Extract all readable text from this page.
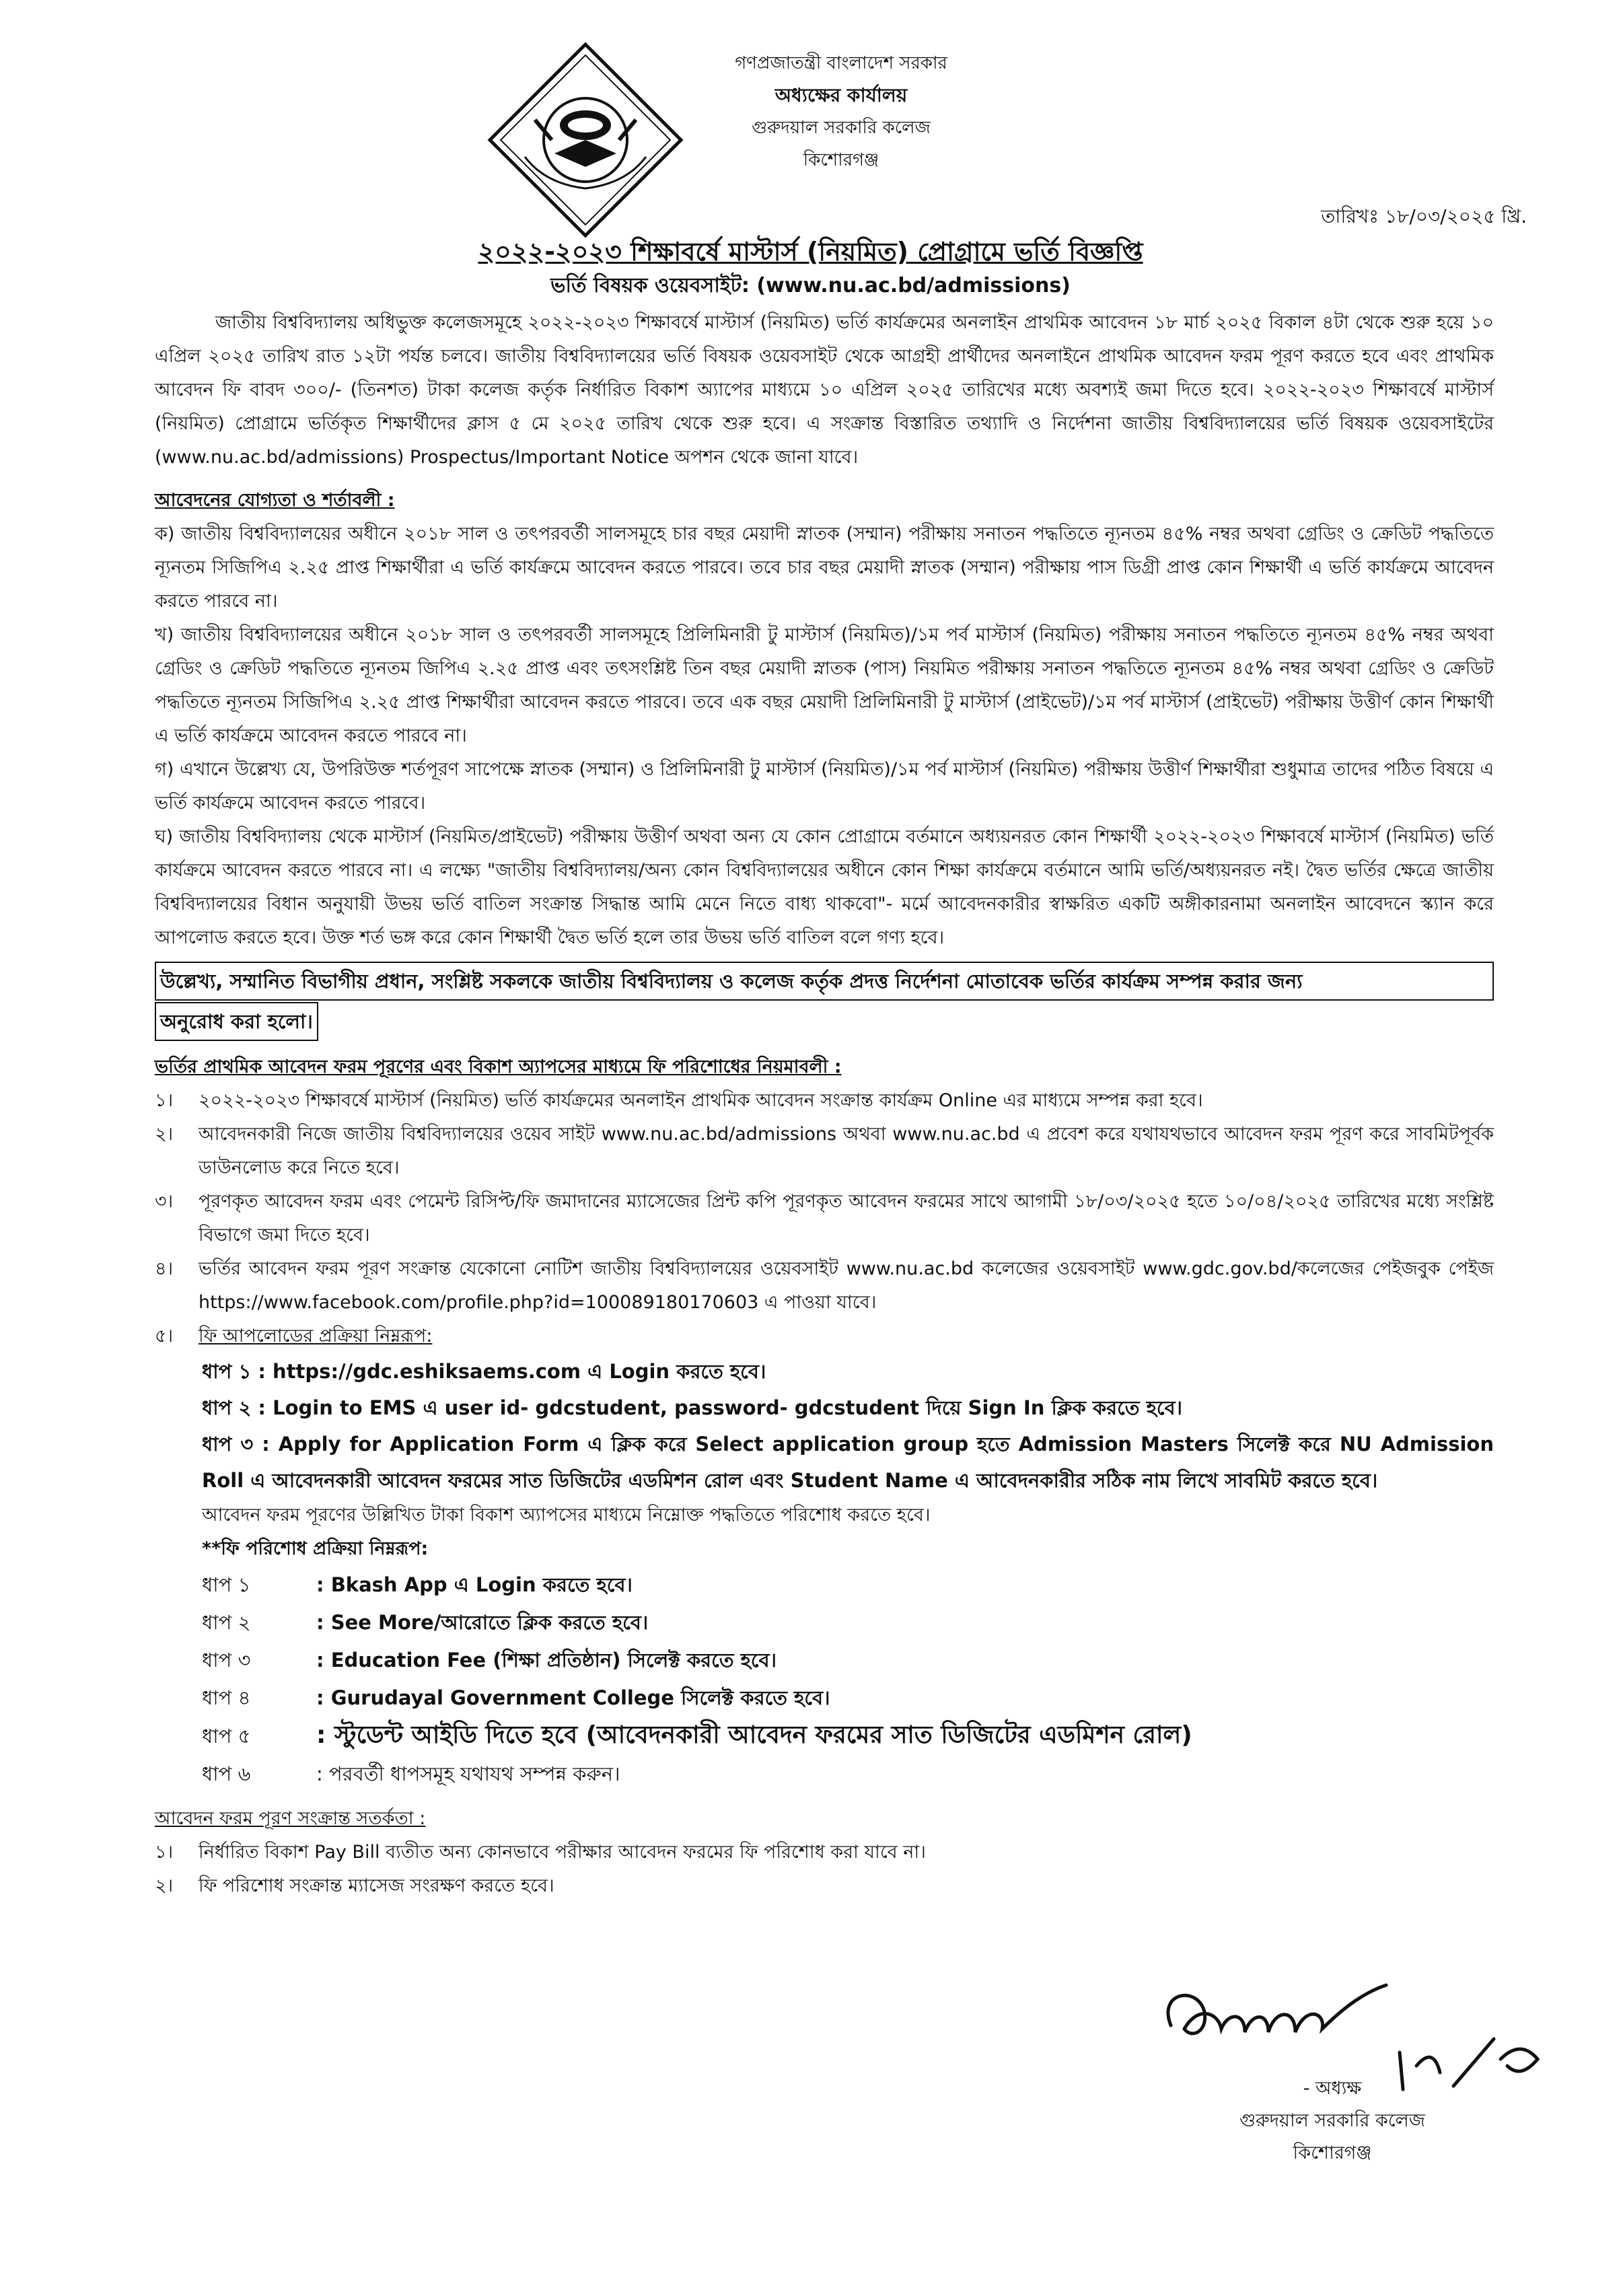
গণপ্রজাতন্ত্রী বাংলাদেশ সরকার
অধ্যক্ষের কার্যালয়
গুরুদয়াল সরকারি কলেজ
কিশোরগঞ্জ
তারিখঃ ১৮/০৩/২০২৫ খ্রি.
২০২২-২০২৩ শিক্ষাবর্ষে মাস্টার্স (নিয়মিত) প্রোগ্রামে ভর্তি বিজ্ঞপ্তি
ভর্তি বিষয়ক ওয়েবসাইট: (www.nu.ac.bd/admissions)

জাতীয় বিশ্ববিদ্যালয় অধিভুক্ত কলেজসমূহে ২০২২-২০২৩ শিক্ষাবর্ষে মাস্টার্স (নিয়মিত) ভর্তি কার্যক্রমের অনলাইন প্রাথমিক আবেদন ১৮ মার্চ ২০২৫ বিকাল ৪টা থেকে শুরু হয়ে ১০ এপ্রিল ২০২৫ তারিখ রাত ১২টা পর্যন্ত চলবে। জাতীয় বিশ্ববিদ্যালয়ের ভর্তি বিষয়ক ওয়েবসাইট থেকে আগ্রহী প্রার্থীদের অনলাইনে প্রাথমিক আবেদন ফরম পূরণ করতে হবে এবং প্রাথমিক আবেদন ফি বাবদ ৩০০/- (তিনশত) টাকা কলেজ কর্তৃক নির্ধারিত বিকাশ অ্যাপের মাধ্যমে ১০ এপ্রিল ২০২৫ তারিখের মধ্যে অবশ্যই জমা দিতে হবে। ২০২২-২০২৩ শিক্ষাবর্ষে মাস্টার্স (নিয়মিত) প্রোগ্রামে ভর্তিকৃত শিক্ষার্থীদের ক্লাস ৫ মে ২০২৫ তারিখ থেকে শুরু হবে। এ সংক্রান্ত বিস্তারিত তথ্যাদি ও নির্দেশনা জাতীয় বিশ্ববিদ্যালয়ের ভর্তি বিষয়ক ওয়েবসাইটের (www.nu.ac.bd/admissions) Prospectus/Important Notice অপশন থেকে জানা যাবে।

আবেদনের যোগ্যতা ও শর্তাবলী :

ক) জাতীয় বিশ্ববিদ্যালয়ের অধীনে ২০১৮ সাল ও তৎপরবর্তী সালসমূহে চার বছর মেয়াদী স্নাতক (সম্মান) পরীক্ষায় সনাতন পদ্ধতিতে ন্যূনতম ৪৫% নম্বর অথবা গ্রেডিং ও ক্রেডিট পদ্ধতিতে ন্যূনতম সিজিপিএ ২.২৫ প্রাপ্ত শিক্ষার্থীরা এ ভর্তি কার্যক্রমে আবেদন করতে পারবে। তবে চার বছর মেয়াদী স্নাতক (সম্মান) পরীক্ষায় পাস ডিগ্রী প্রাপ্ত কোন শিক্ষার্থী এ ভর্তি কার্যক্রমে আবেদন করতে পারবে না।

খ) জাতীয় বিশ্ববিদ্যালয়ের অধীনে ২০১৮ সাল ও তৎপরবর্তী সালসমূহে প্রিলিমিনারী টু মাস্টার্স (নিয়মিত)/১ম পর্ব মাস্টার্স (নিয়মিত) পরীক্ষায় সনাতন পদ্ধতিতে ন্যূনতম ৪৫% নম্বর অথবা গ্রেডিং ও ক্রেডিট পদ্ধতিতে ন্যূনতম জিপিএ ২.২৫ প্রাপ্ত এবং তৎসংশ্লিষ্ট তিন বছর মেয়াদী স্নাতক (পাস) নিয়মিত পরীক্ষায় সনাতন পদ্ধতিতে ন্যূনতম ৪৫% নম্বর অথবা গ্রেডিং ও ক্রেডিট পদ্ধতিতে ন্যূনতম সিজিপিএ ২.২৫ প্রাপ্ত শিক্ষার্থীরা আবেদন করতে পারবে। তবে এক বছর মেয়াদী প্রিলিমিনারী টু মাস্টার্স (প্রাইভেট)/১ম পর্ব মাস্টার্স (প্রাইভেট) পরীক্ষায় উত্তীর্ণ কোন শিক্ষার্থী এ ভর্তি কার্যক্রমে আবেদন করতে পারবে না।

গ) এখানে উল্লেখ্য যে, উপরিউক্ত শর্তপূরণ সাপেক্ষে স্নাতক (সম্মান) ও প্রিলিমিনারী টু মাস্টার্স (নিয়মিত)/১ম পর্ব মাস্টার্স (নিয়মিত) পরীক্ষায় উত্তীর্ণ শিক্ষার্থীরা শুধুমাত্র তাদের পঠিত বিষয়ে এ ভর্তি কার্যক্রমে আবেদন করতে পারবে।

ঘ) জাতীয় বিশ্ববিদ্যালয় থেকে মাস্টার্স (নিয়মিত/প্রাইভেট) পরীক্ষায় উত্তীর্ণ অথবা অন্য যে কোন প্রোগ্রামে বর্তমানে অধ্যয়নরত কোন শিক্ষার্থী ২০২২-২০২৩ শিক্ষাবর্ষে মাস্টার্স (নিয়মিত) ভর্তি কার্যক্রমে আবেদন করতে পারবে না। এ লক্ষ্যে "জাতীয় বিশ্ববিদ্যালয়/অন্য কোন বিশ্ববিদ্যালয়ের অধীনে কোন শিক্ষা কার্যক্রমে বর্তমানে আমি ভর্তি/অধ্যয়নরত নই। দ্বৈত ভর্তির ক্ষেত্রে জাতীয় বিশ্ববিদ্যালয়ের বিধান অনুযায়ী উভয় ভর্তি বাতিল সংক্রান্ত সিদ্ধান্ত আমি মেনে নিতে বাধ্য থাকবো"- মর্মে আবেদনকারীর স্বাক্ষরিত একটি অঙ্গীকারনামা অনলাইন আবেদনে স্ক্যান করে আপলোড করতে হবে। উক্ত শর্ত ভঙ্গ করে কোন শিক্ষার্থী দ্বৈত ভর্তি হলে তার উভয় ভর্তি বাতিল বলে গণ্য হবে।

উল্লেখ্য, সম্মানিত বিভাগীয় প্রধান, সংশ্লিষ্ট সকলকে জাতীয় বিশ্ববিদ্যালয় ও কলেজ কর্তৃক প্রদত্ত নির্দেশনা মোতাবেক ভর্তির কার্যক্রম সম্পন্ন করার জন্য
অনুরোধ করা হলো।

ভর্তির প্রাথমিক আবেদন ফরম পূরণের এবং বিকাশ অ্যাপসের মাধ্যমে ফি পরিশোধের নিয়মাবলী :

১।	২০২২-২০২৩ শিক্ষাবর্ষে মাস্টার্স (নিয়মিত) ভর্তি কার্যক্রমের অনলাইন প্রাথমিক আবেদন সংক্রান্ত কার্যক্রম Online এর মাধ্যমে সম্পন্ন করা হবে।
২।	আবেদনকারী নিজে জাতীয় বিশ্ববিদ্যালয়ের ওয়েব সাইট www.nu.ac.bd/admissions অথবা www.nu.ac.bd এ প্রবেশ করে যথাযথভাবে আবেদন ফরম পূরণ করে সাবমিটপূর্বক ডাউনলোড করে নিতে হবে।
৩।	পূরণকৃত আবেদন ফরম এবং পেমেন্ট রিসিপ্ট/ফি জমাদানের ম্যাসেজের প্রিন্ট কপি পূরণকৃত আবেদন ফরমের সাথে আগামী ১৮/০৩/২০২৫ হতে ১০/০৪/২০২৫ তারিখের মধ্যে সংশ্লিষ্ট বিভাগে জমা দিতে হবে।
৪।	ভর্তির আবেদন ফরম পূরণ সংক্রান্ত যেকোনো নোটিশ জাতীয় বিশ্ববিদ্যালয়ের ওয়েবসাইট www.nu.ac.bd কলেজের ওয়েবসাইট www.gdc.gov.bd/কলেজের পেইজবুক পেইজ https://www.facebook.com/profile.php?id=100089180170603 এ পাওয়া যাবে।
৫।	ফি আপলোডের প্রক্রিয়া নিম্নরূপ:

ধাপ ১ : https://gdc.eshiksaems.com এ Login করতে হবে।

ধাপ ২ : Login to EMS এ user id- gdcstudent, password- gdcstudent দিয়ে Sign In ক্লিক করতে হবে।

ধাপ ৩ : Apply for Application Form এ ক্লিক করে Select application group হতে Admission Masters সিলেক্ট করে NU Admission Roll এ আবেদনকারী আবেদন ফরমের সাত ডিজিটের এডমিশন রোল এবং Student Name এ আবেদনকারীর সঠিক নাম লিখে সাবমিট করতে হবে।

আবেদন ফরম পূরণের উল্লিখিত টাকা বিকাশ অ্যাপসের মাধ্যমে নিম্নোক্ত পদ্ধতিতে পরিশোধ করতে হবে।

**ফি পরিশোধ প্রক্রিয়া নিম্নরূপ:

ধাপ ১	: Bkash App এ Login করতে হবে।
ধাপ ২	: See More/আরোতে ক্লিক করতে হবে।
ধাপ ৩	: Education Fee (শিক্ষা প্রতিষ্ঠান) সিলেক্ট করতে হবে।
ধাপ ৪	: Gurudayal Government College সিলেক্ট করতে হবে।
ধাপ ৫	: স্টুডেন্ট আইডি দিতে হবে (আবেদনকারী আবেদন ফরমের সাত ডিজিটের এডমিশন রোল)
ধাপ ৬	: পরবর্তী ধাপসমূহ যথাযথ সম্পন্ন করুন।

আবেদন ফরম পূরণ সংক্রান্ত সতর্কতা :

১।	নির্ধারিত বিকাশ Pay Bill ব্যতীত অন্য কোনভাবে পরীক্ষার আবেদন ফরমের ফি পরিশোধ করা যাবে না।
২।	ফি পরিশোধ সংক্রান্ত ম্যাসেজ সংরক্ষণ করতে হবে।
- অধ্যক্ষ
গুরুদয়াল সরকারি কলেজ
কিশোরগঞ্জ
